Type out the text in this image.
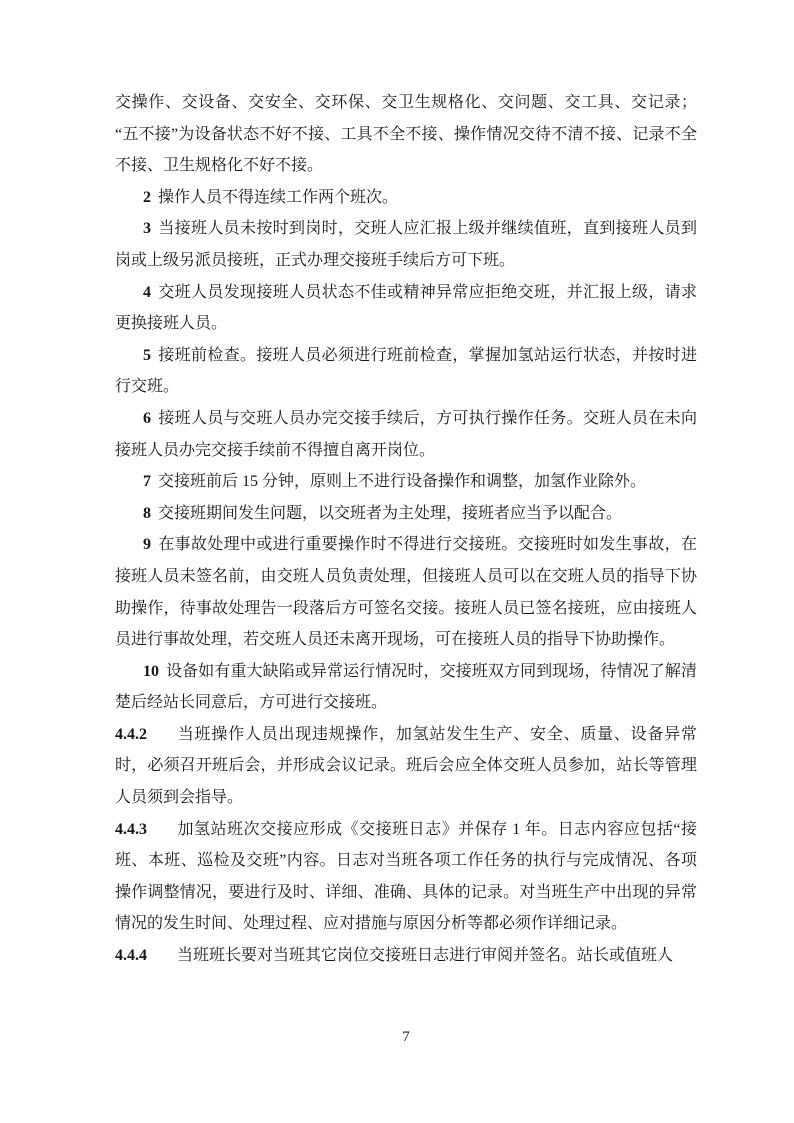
交操作、交设备、交安全、交环保、交卫生规格化、交问题、交工具、交记录；“五不接”为设备状态不好不接、工具不全不接、操作情况交待不清不接、记录不全不接、卫生规格化不好不接。

2 操作人员不得连续工作两个班次。

3 当接班人员未按时到岗时，交班人应汇报上级并继续值班，直到接班人员到岗或上级另派员接班，正式办理交接班手续后方可下班。

4 交班人员发现接班人员状态不佳或精神异常应拒绝交班，并汇报上级，请求更换接班人员。

5 接班前检查。接班人员必须进行班前检查，掌握加氢站运行状态，并按时进行交班。

6 接班人员与交班人员办完交接手续后，方可执行操作任务。交班人员在未向接班人员办完交接手续前不得擅自离开岗位。

7 交接班前后 15 分钟，原则上不进行设备操作和调整，加氢作业除外。

8 交接班期间发生问题，以交班者为主处理，接班者应当予以配合。

9 在事故处理中或进行重要操作时不得进行交接班。交接班时如发生事故，在接班人员未签名前，由交班人员负责处理，但接班人员可以在交班人员的指导下协助操作，待事故处理告一段落后方可签名交接。接班人员已签名接班，应由接班人员进行事故处理，若交班人员还未离开现场，可在接班人员的指导下协助操作。

10 设备如有重大缺陷或异常运行情况时，交接班双方同到现场，待情况了解清楚后经站长同意后，方可进行交接班。

4.4.2 当班操作人员出现违规操作，加氢站发生生产、安全、质量、设备异常时，必须召开班后会，并形成会议记录。班后会应全体交班人员参加，站长等管理人员须到会指导。

4.4.3 加氢站班次交接应形成《交接班日志》并保存 1 年。日志内容应包括“接班、本班、巡检及交班”内容。日志对当班各项工作任务的执行与完成情况、各项操作调整情况，要进行及时、详细、准确、具体的记录。对当班生产中出现的异常情况的发生时间、处理过程、应对措施与原因分析等都必须作详细记录。

4.4.4 当班班长要对当班其它岗位交接班日志进行审阅并签名。站长或值班人

7
